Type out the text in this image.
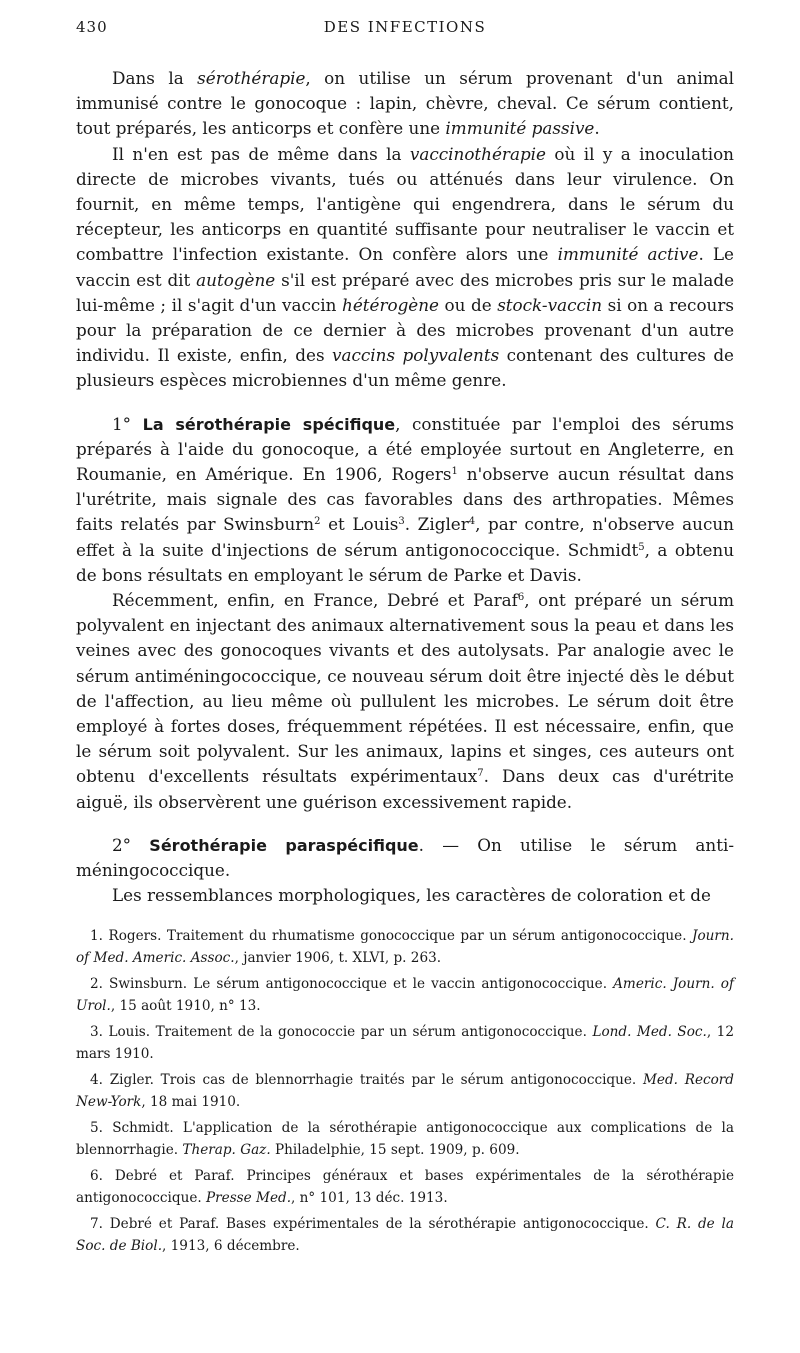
430	DES INFECTIONS

Dans la sérothérapie, on utilise un sérum provenant d'un animal immunisé contre le gonocoque : lapin, chèvre, cheval. Ce sérum contient, tout préparés, les anticorps et confère une immunité passive.

Il n'en est pas de même dans la vaccinothérapie où il y a inoculation directe de microbes vivants, tués ou atténués dans leur virulence. On fournit, en même temps, l'antigène qui engendrera, dans le sérum du récepteur, les anticorps en quantité suffisante pour neutraliser le vaccin et combattre l'infection existante. On confère alors une immunité active. Le vaccin est dit autogène s'il est préparé avec des microbes pris sur le malade lui-même ; il s'agit d'un vaccin hétérogène ou de stock-vaccin si on a recours pour la préparation de ce dernier à des microbes provenant d'un autre individu. Il existe, enfin, des vaccins polyvalents contenant des cultures de plusieurs espèces microbiennes d'un même genre.

1° La sérothérapie spécifique, constituée par l'emploi des sérums préparés à l'aide du gonocoque, a été employée surtout en Angleterre, en Roumanie, en Amérique. En 1906, Rogers$^1$ n'observe aucun résultat dans l'urétrite, mais signale des cas favorables dans des arthropaties. Mêmes faits relatés par Swinsburn$^2$ et Louis$^3$. Zigler$^4$, par contre, n'observe aucun effet à la suite d'injections de sérum antigonococcique. Schmidt$^5$, a obtenu de bons résultats en employant le sérum de Parke et Davis.

Récemment, enfin, en France, Debré et Paraf$^6$, ont préparé un sérum polyvalent en injectant des animaux alternativement sous la peau et dans les veines avec des gonocoques vivants et des autolysats. Par analogie avec le sérum antiméningococcique, ce nouveau sérum doit être injecté dès le début de l'affection, au lieu même où pullulent les microbes. Le sérum doit être employé à fortes doses, fréquemment répétées. Il est nécessaire, enfin, que le sérum soit polyvalent. Sur les animaux, lapins et singes, ces auteurs ont obtenu d'excellents résultats expérimentaux$^7$. Dans deux cas d'urétrite aiguë, ils observèrent une guérison excessivement rapide.

2° Sérothérapie paraspécifique. — On utilise le sérum anti-méningococcique.

Les ressemblances morphologiques, les caractères de coloration et de

1. Rogers. Traitement du rhumatisme gonococcique par un sérum antigonococcique. Journ. of Med. Americ. Assoc., janvier 1906, t. XLVI, p. 263.

2. Swinsburn. Le sérum antigonococcique et le vaccin antigonococcique. Americ. Journ. of Urol., 15 août 1910, n° 13.

3. Louis. Traitement de la gonococcie par un sérum antigonococcique. Lond. Med. Soc., 12 mars 1910.

4. Zigler. Trois cas de blennorrhagie traités par le sérum antigonococcique. Med. Record New-York, 18 mai 1910.

5. Schmidt. L'application de la sérothérapie antigonococcique aux complications de la blennorrhagie. Therap. Gaz. Philadelphie, 15 sept. 1909, p. 609.

6. Debré et Paraf. Principes généraux et bases expérimentales de la sérothérapie antigonococcique. Presse Med., n° 101, 13 déc. 1913.

7. Debré et Paraf. Bases expérimentales de la sérothérapie antigonococcique. C. R. de la Soc. de Biol., 1913, 6 décembre.
